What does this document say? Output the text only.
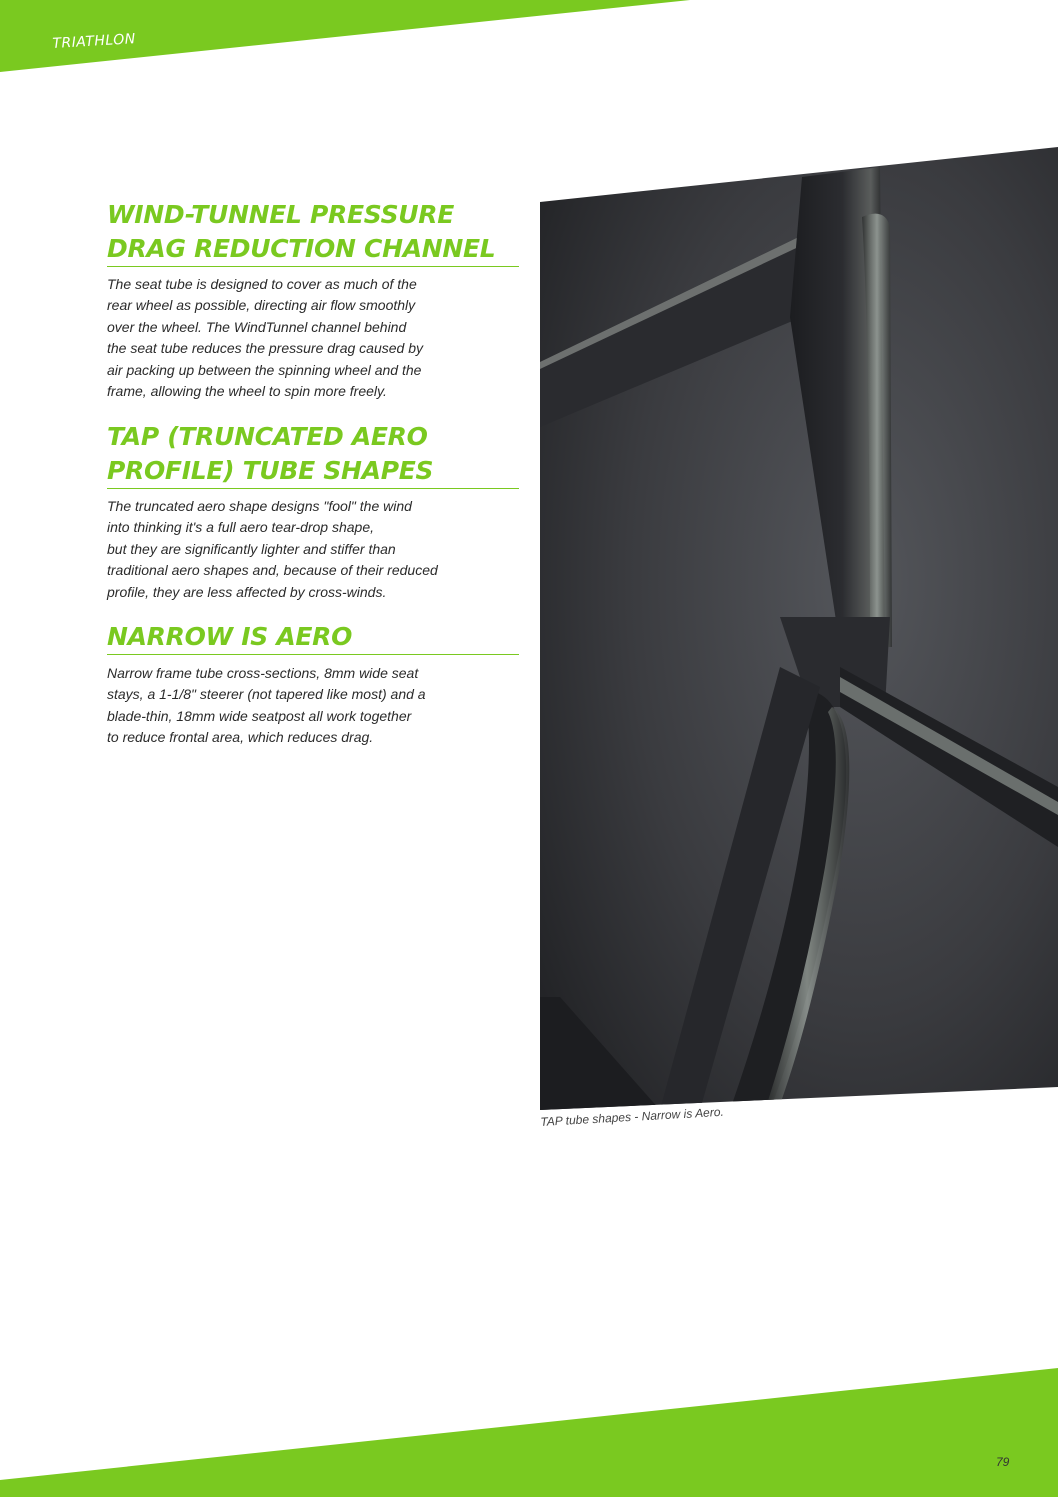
TRIATHLON
WIND-TUNNEL PRESSURE
DRAG REDUCTION CHANNEL

The seat tube is designed to cover as much of the
rear wheel as possible, directing air flow smoothly
over the wheel. The WindTunnel channel behind
the seat tube reduces the pressure drag caused by
air packing up between the spinning wheel and the
frame, allowing the wheel to spin more freely.

TAP (TRUNCATED AERO
PROFILE) TUBE SHAPES

The truncated aero shape designs "fool" the wind
into thinking it's a full aero tear-drop shape,
but they are significantly lighter and stiffer than
traditional aero shapes and, because of their reduced
profile, they are less affected by cross-winds.

NARROW IS AERO

Narrow frame tube cross-sections, 8mm wide seat
stays, a 1-1/8" steerer (not tapered like most) and a
blade-thin, 18mm wide seatpost all work together
to reduce frontal area, which reduces drag.

TAP tube shapes - Narrow is Aero.
79
